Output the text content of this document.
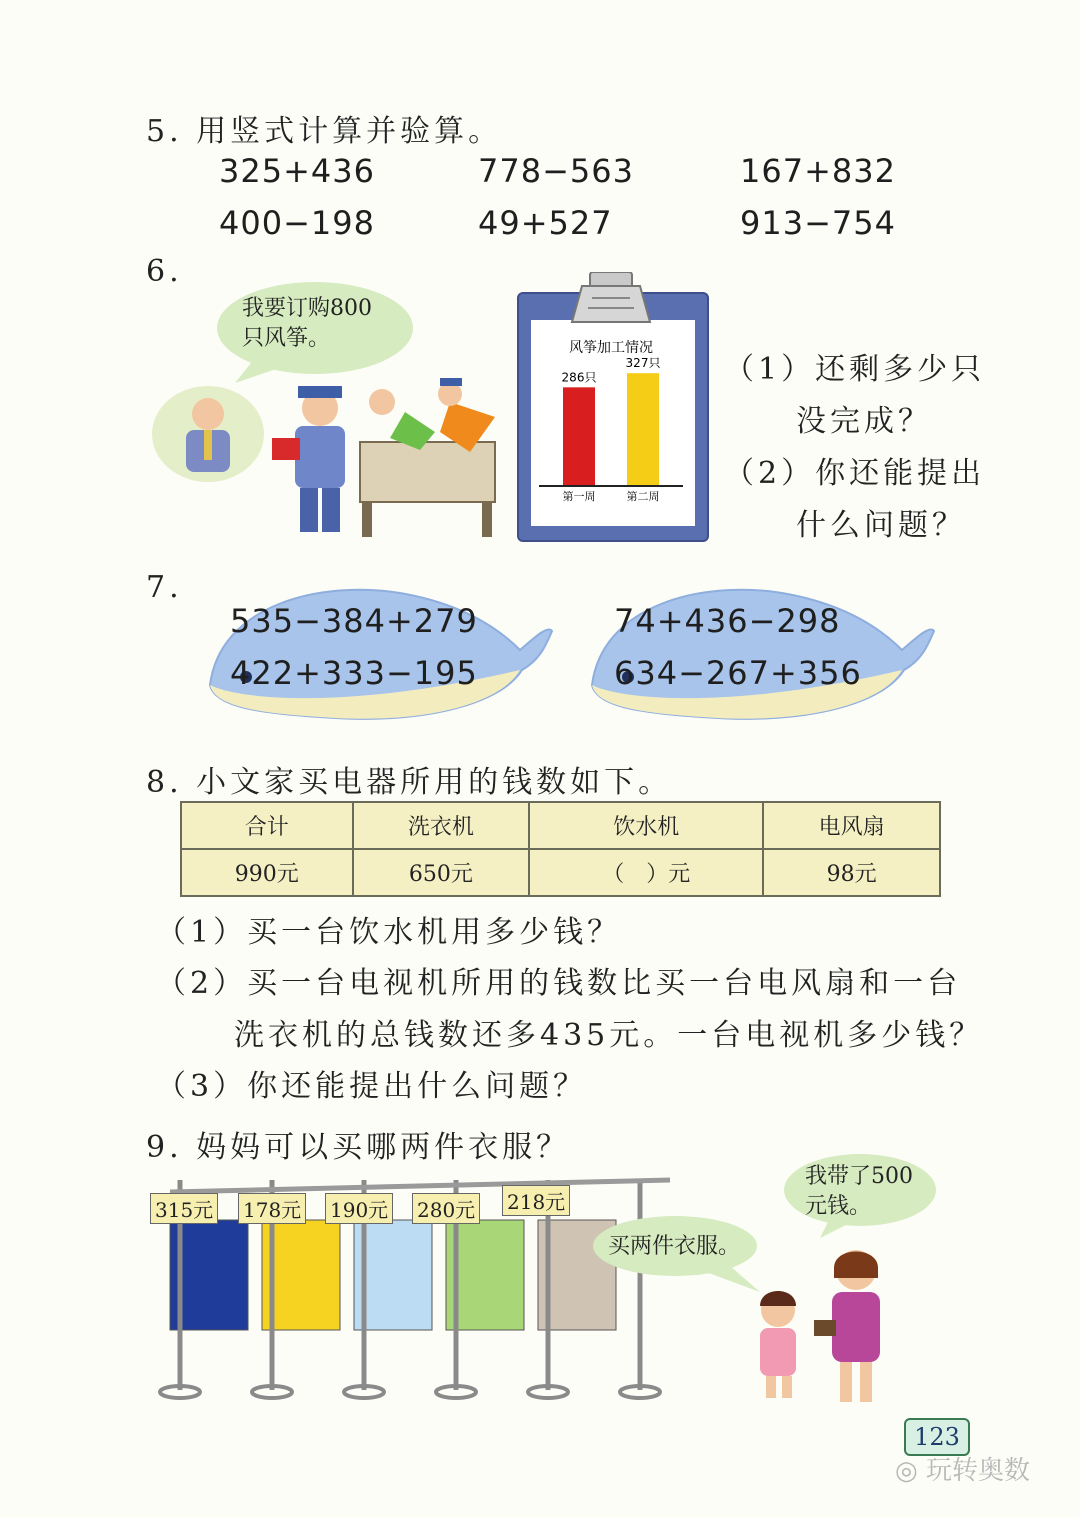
5. 用竖式计算并验算。
325+436	778−563	167+832
400−198	49+527	913−754
6.
我要订购800
只风筝。	风筝加工情况
286只
第一周
327只
第二周
（1）还剩多少只
没完成？
（2）你还能提出
什么问题？
7.
535−384+279
422+333−195
74+436−298
634−267+356
8. 小文家买电器所用的钱数如下。
合计	洗衣机	饮水机	电风扇
990元	650元	（　）元	98元
（1）买一台饮水机用多少钱？
（2）买一台电视机所用的钱数比买一台电风扇和一台
洗衣机的总钱数还多435元。一台电视机多少钱？
（3）你还能提出什么问题？
9. 妈妈可以买哪两件衣服？
315元 178元 190元 280元 218元
我带了500
元钱。
买两件衣服。
123
◎ 玩转奥数
